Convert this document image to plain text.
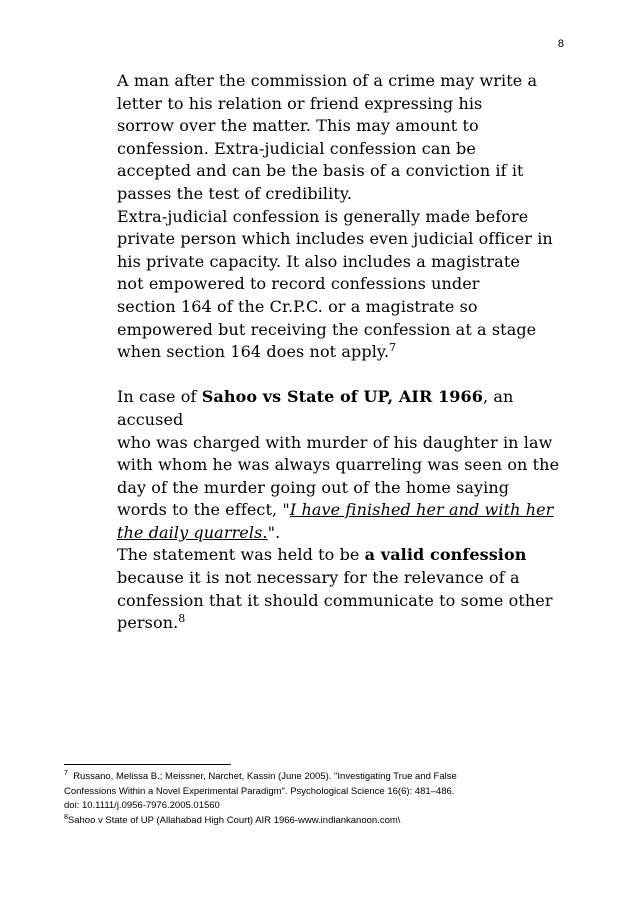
8

A man after the commission of a crime may write a

letter to his relation or friend expressing his

sorrow over the matter. This may amount to

confession. Extra-judicial confession can be

accepted and can be the basis of a conviction if it

passes the test of credibility.

Extra-judicial confession is generally made before

private person which includes even judicial officer in

his private capacity. It also includes a magistrate

not empowered to record confessions under

section 164 of the Cr.P.C. or a magistrate so

empowered but receiving the confession at a stage

when section 164 does not apply.$^7$

In case of Sahoo vs State of UP, AIR 1966, an accused

who was charged with murder of his daughter in law

with whom he was always quarreling was seen on the

day of the murder going out of the home saying

words to the effect, "I have finished her and with her

the daily quarrels.".

The statement was held to be a valid confession

because it is not necessary for the relevance of a

confession that it should communicate to some other

person.$^8$

$^7$ Russano, Melissa B.; Meissner, Narchet, Kassin (June 2005). "Investigating True and False

Confessions Within a Novel Experimental Paradigm". Psychological Science 16(6): 481–486.

doi: 10.1111/j.0956-7976.2005.01560

$^8$Sahoo v State of UP (Allahabad High Court) AIR 1966-www.indiankanoon.com\
